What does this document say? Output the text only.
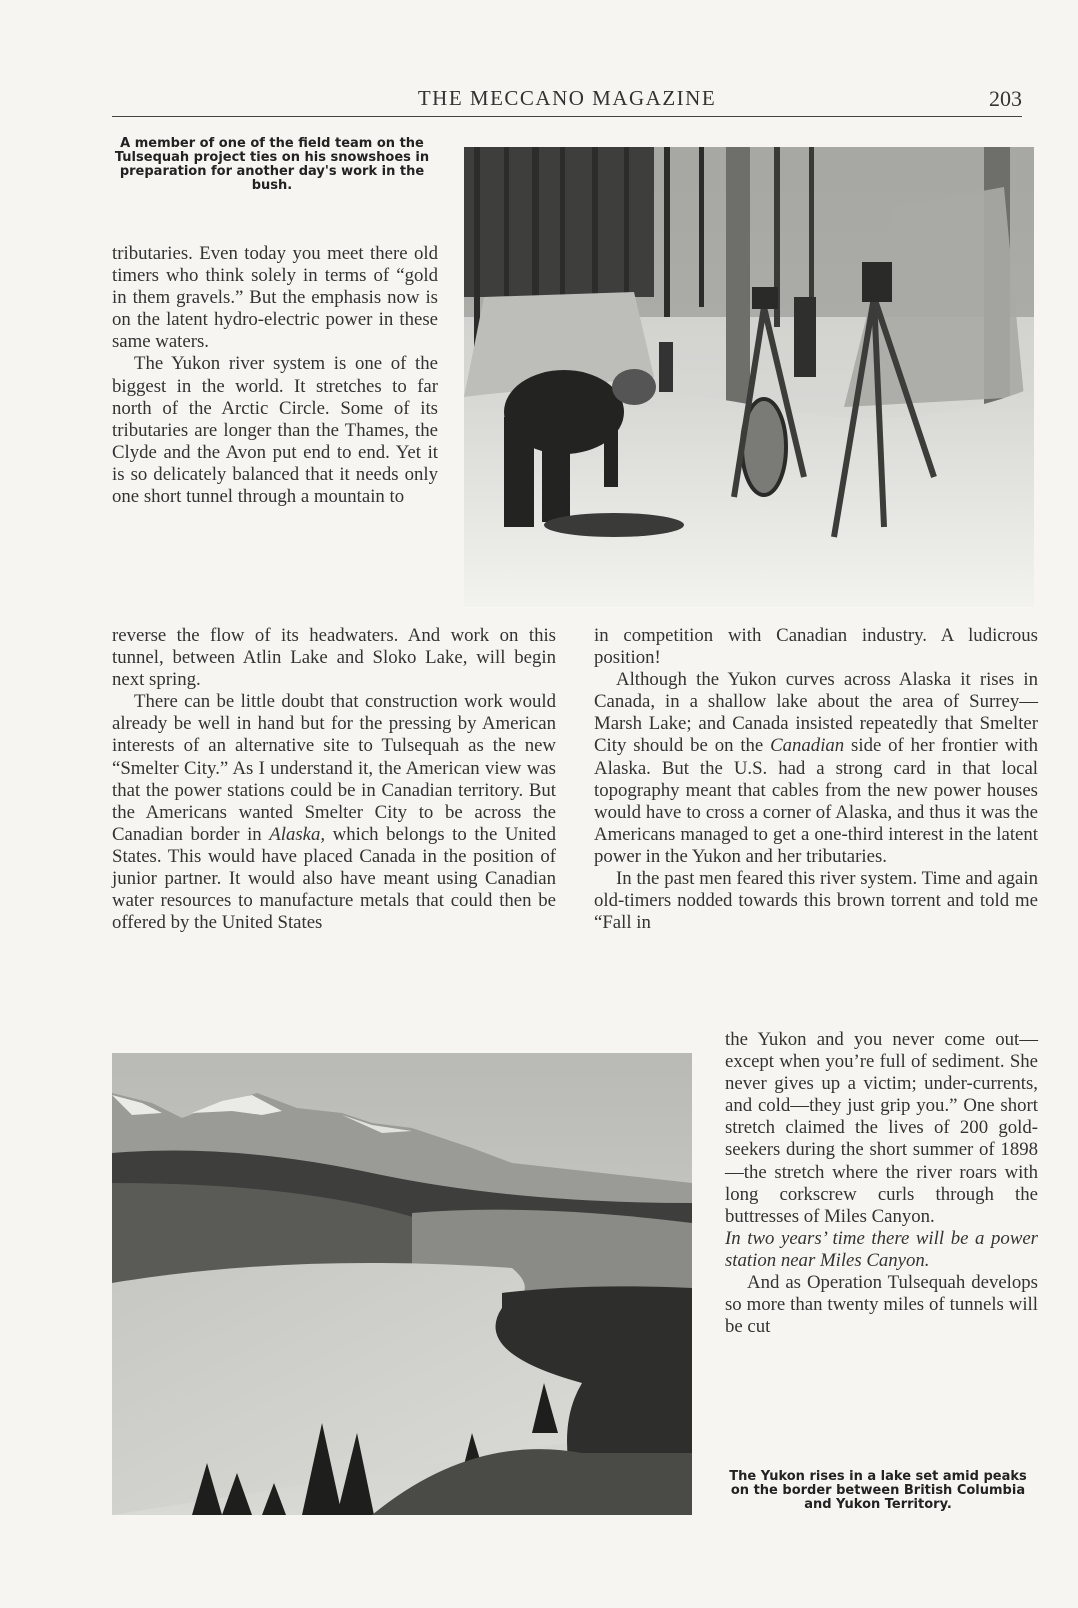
THE MECCANO MAGAZINE	203
A member of one of the field team on the Tulsequah project ties on his snowshoes in preparation for another day's work in the bush.

tributaries. Even today you meet there old timers who think solely in terms of “gold in them gravels.” But the emphasis now is on the latent hydro-electric power in these same waters.

The Yukon river system is one of the biggest in the world. It stretches to far north of the Arctic Circle. Some of its tributaries are longer than the Thames, the Clyde and the Avon put end to end. Yet it is so delicately balanced that it needs only one short tunnel through a mountain to

reverse the flow of its headwaters. And work on this tunnel, between Atlin Lake and Sloko Lake, will begin next spring.

There can be little doubt that construction work would already be well in hand but for the pressing by American interests of an alternative site to Tulsequah as the new “Smelter City.” As I understand it, the American view was that the power stations could be in Canadian territory. But the Americans wanted Smelter City to be across the Canadian border in Alaska, which belongs to the United States. This would have placed Canada in the position of junior partner. It would also have meant using Canadian water resources to manufacture metals that could then be offered by the United States

in competition with Canadian industry. A ludicrous position!

Although the Yukon curves across Alaska it rises in Canada, in a shallow lake about the area of Surrey—Marsh Lake; and Canada insisted repeatedly that Smelter City should be on the Canadian side of her frontier with Alaska. But the U.S. had a strong card in that local topography meant that cables from the new power houses would have to cross a corner of Alaska, and thus it was the Americans managed to get a one-third interest in the latent power in the Yukon and her tributaries.

In the past men feared this river system. Time and again old-timers nodded towards this brown torrent and told me “Fall in

the Yukon and you never come out—except when you’re full of sediment. She never gives up a victim; under-currents, and cold—they just grip you.” One short stretch claimed the lives of 200 gold-seekers during the short summer of 1898—the stretch where the river roars with long corkscrew curls through the buttresses of Miles Canyon.

In two years’ time there will be a power station near Miles Canyon.

And as Operation Tulsequah develops so more than twenty miles of tunnels will be cut

The Yukon rises in a lake set amid peaks on the border between British Columbia and Yukon Territory.
